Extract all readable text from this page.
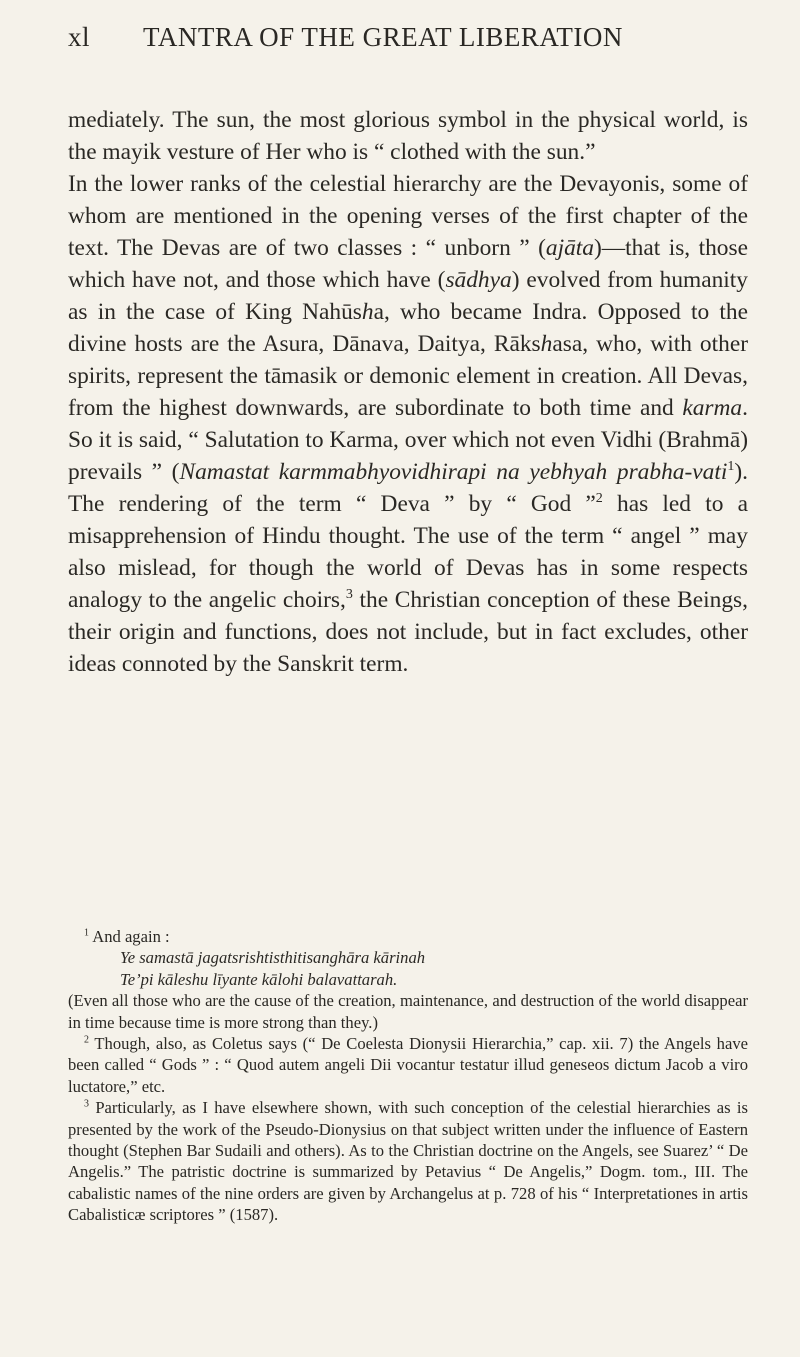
xl TANTRA OF THE GREAT LIBERATION

mediately. The sun, the most glorious symbol in the physical world, is the mayik vesture of Her who is “ clothed with the sun.”

In the lower ranks of the celestial hierarchy are the Devayonis, some of whom are mentioned in the opening verses of the first chapter of the text. The Devas are of two classes : “ unborn ” (ajāta)—that is, those which have not, and those which have (sādhya) evolved from humanity as in the case of King Nahūsha, who became Indra. Opposed to the divine hosts are the Asura, Dānava, Daitya, Rākshasa, who, with other spirits, represent the tāmasik or demonic element in creation. All Devas, from the highest downwards, are subordinate to both time and karma. So it is said, “ Salutation to Karma, over which not even Vidhi (Brahmā) prevails ” (Namastat karmmabhyovidhirapi na yebhyah prabha-vati$^1$). The rendering of the term “ Deva ” by “ God ”$^2$ has led to a misapprehension of Hindu thought. The use of the term “ angel ” may also mislead, for though the world of Devas has in some respects analogy to the angelic choirs,$^3$ the Christian conception of these Beings, their origin and functions, does not include, but in fact excludes, other ideas connoted by the Sanskrit term.

$^1$ And again :

Ye samastā jagatsrishtisthitisanghāra kārinah

Te’pi kāleshu līyante kālohi balavattarah.

(Even all those who are the cause of the creation, maintenance, and destruction of the world disappear in time because time is more strong than they.)

$^2$ Though, also, as Coletus says (“ De Coelesta Dionysii Hierarchia,” cap. xii. 7) the Angels have been called “ Gods ” : “ Quod autem angeli Dii vocantur testatur illud geneseos dictum Jacob a viro luctatore,” etc.

$^3$ Particularly, as I have elsewhere shown, with such conception of the celestial hierarchies as is presented by the work of the Pseudo-Dionysius on that subject written under the influence of Eastern thought (Stephen Bar Sudaili and others). As to the Christian doctrine on the Angels, see Suarez’ “ De Angelis.” The patristic doctrine is summarized by Petavius “ De Angelis,” Dogm. tom., III. The cabalistic names of the nine orders are given by Archangelus at p. 728 of his “ Interpretationes in artis Cabalisticæ scriptores ” (1587).
